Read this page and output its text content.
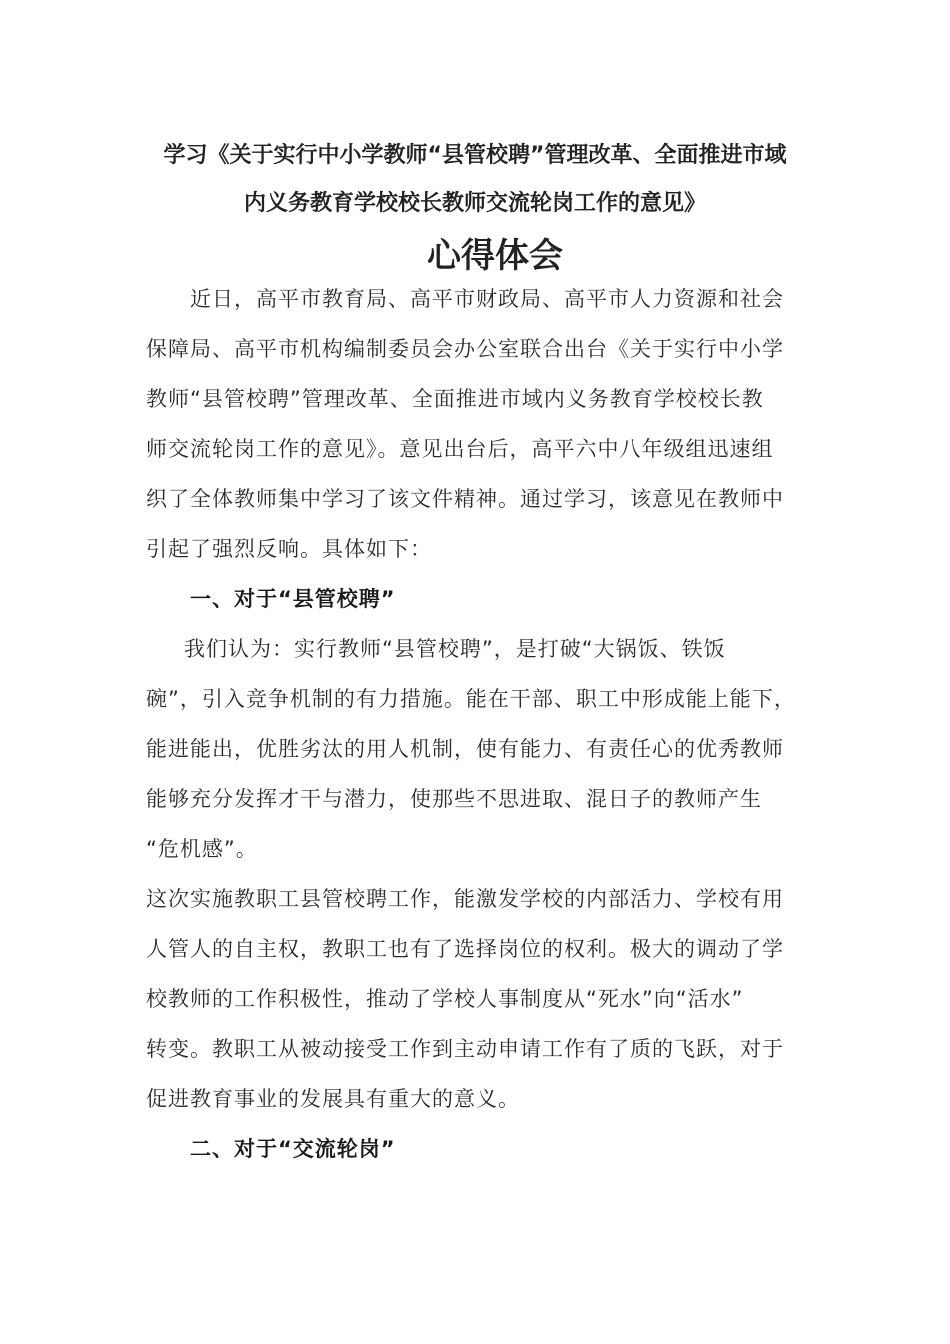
学习《关于实行中小学教师“县管校聘”管理改革、全面推进市域
内义务教育学校校长教师交流轮岗工作的意见》
心得体会
近日，高平市教育局、高平市财政局、高平市人力资源和社会
保障局、高平市机构编制委员会办公室联合出台《关于实行中小学
教师“县管校聘”管理改革、全面推进市域内义务教育学校校长教
师交流轮岗工作的意见》。意见出台后，高平六中八年级组迅速组
织了全体教师集中学习了该文件精神。通过学习，该意见在教师中
引起了强烈反响。具体如下：
一、对于“县管校聘”
我们认为：实行教师“县管校聘”，是打破“大锅饭、铁饭
碗”，引入竞争机制的有力措施。能在干部、职工中形成能上能下，
能进能出，优胜劣汰的用人机制，使有能力、有责任心的优秀教师
能够充分发挥才干与潜力，使那些不思进取、混日子的教师产生
“危机感”。
这次实施教职工县管校聘工作，能激发学校的内部活力、学校有用
人管人的自主权，教职工也有了选择岗位的权利。极大的调动了学
校教师的工作积极性，推动了学校人事制度从“死水”向“活水”
转变。教职工从被动接受工作到主动申请工作有了质的飞跃，对于
促进教育事业的发展具有重大的意义。
二、对于“交流轮岗”
